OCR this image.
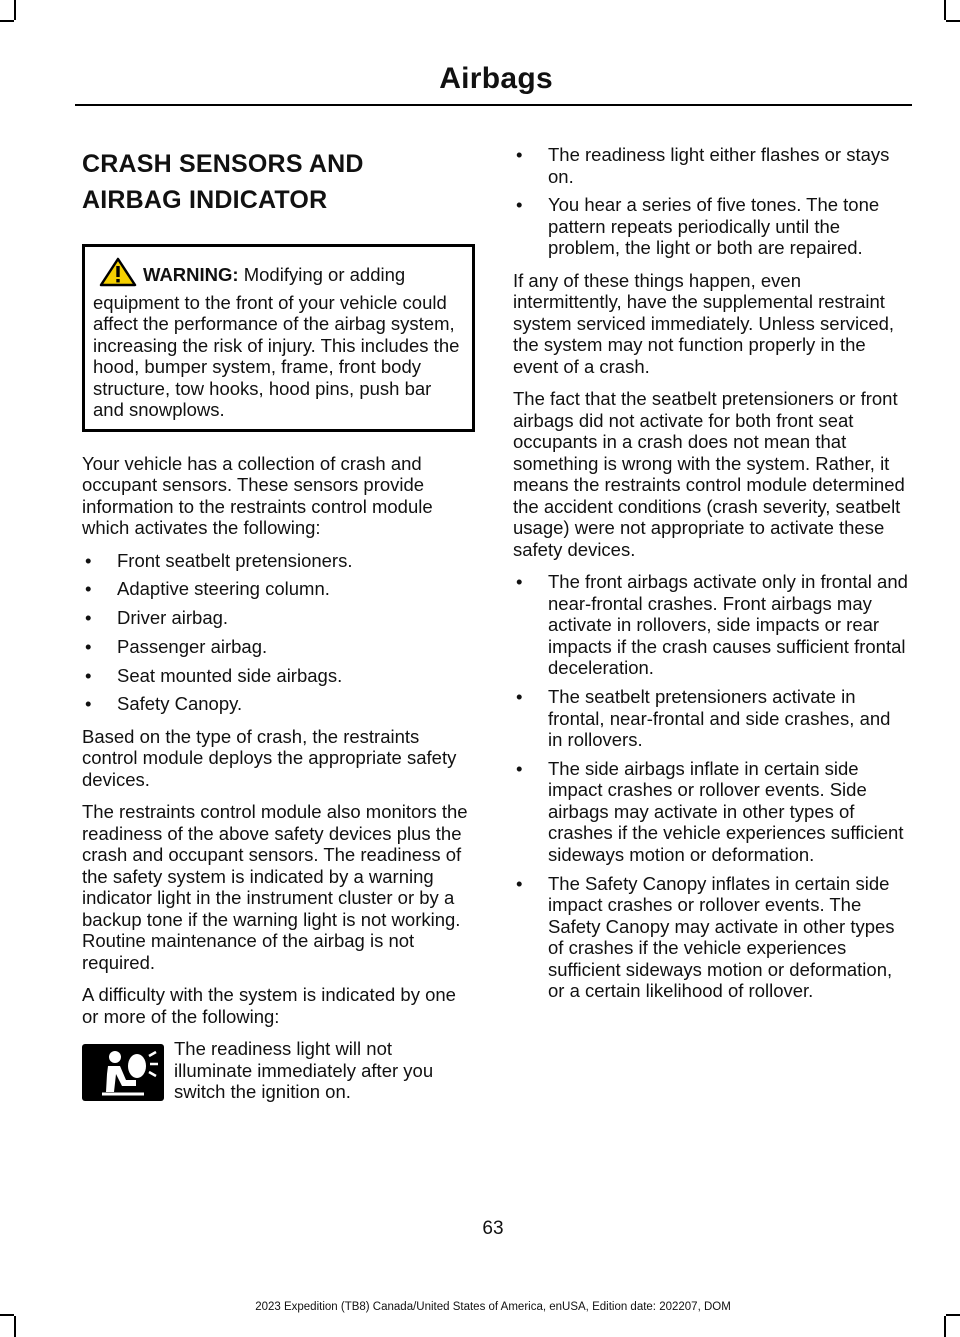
Airbags
CRASH SENSORS AND
AIRBAG INDICATOR
WARNING: Modifying or adding equipment to the front of your vehicle could affect the performance of the airbag system, increasing the risk of injury. This includes the hood, bumper system, frame, front body structure, tow hooks, hood pins, push bar and snowplows.

Your vehicle has a collection of crash and occupant sensors. These sensors provide information to the restraints control module which activates the following:

• Front seatbelt pretensioners.
• Adaptive steering column.
• Driver airbag.
• Passenger airbag.
• Seat mounted side airbags.
• Safety Canopy.

Based on the type of crash, the restraints control module deploys the appropriate safety devices.

The restraints control module also monitors the readiness of the above safety devices plus the crash and occupant sensors. The readiness of the safety system is indicated by a warning indicator light in the instrument cluster or by a backup tone if the warning light is not working. Routine maintenance of the airbag is not required.

A difficulty with the system is indicated by one or more of the following:

The readiness light will not illuminate immediately after you switch the ignition on.

• The readiness light either flashes or stays on.
• You hear a series of five tones. The tone pattern repeats periodically until the problem, the light or both are repaired.

If any of these things happen, even intermittently, have the supplemental restraint system serviced immediately. Unless serviced, the system may not function properly in the event of a crash.

The fact that the seatbelt pretensioners or front airbags did not activate for both front seat occupants in a crash does not mean that something is wrong with the system. Rather, it means the restraints control module determined the accident conditions (crash severity, seatbelt usage) were not appropriate to activate these safety devices.

• The front airbags activate only in frontal and near-frontal crashes. Front airbags may activate in rollovers, side impacts or rear impacts if the crash causes sufficient frontal deceleration.
• The seatbelt pretensioners activate in frontal, near-frontal and side crashes, and in rollovers.
• The side airbags inflate in certain side impact crashes or rollover events. Side airbags may activate in other types of crashes if the vehicle experiences sufficient sideways motion or deformation.
• The Safety Canopy inflates in certain side impact crashes or rollover events. The Safety Canopy may activate in other types of crashes if the vehicle experiences sufficient sideways motion or deformation, or a certain likelihood of rollover.
63
2023 Expedition (TB8) Canada/United States of America, enUSA, Edition date: 202207, DOM
